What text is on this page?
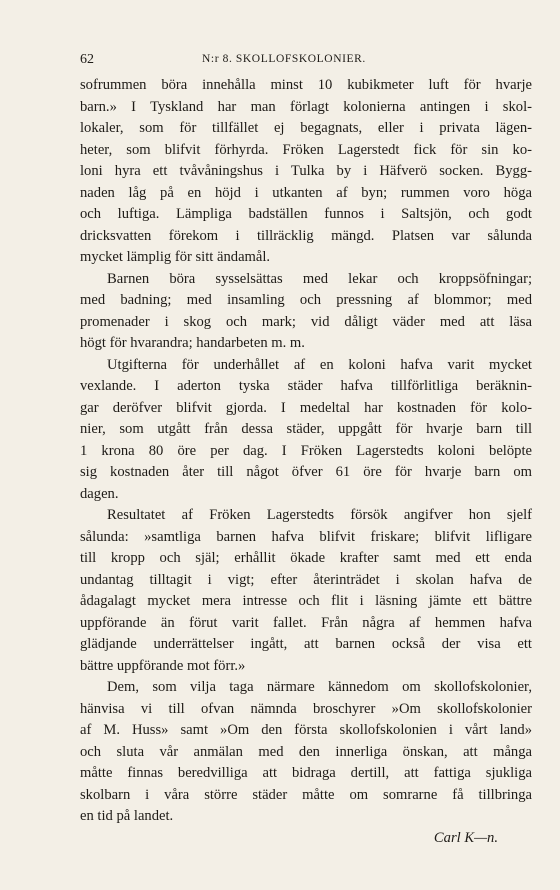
62	N:r 8. SKOLLOFSKOLONIER.
sofrummen böra innehålla minst 10 kubikmeter luft för hvarje
barn.» I Tyskland har man förlagt kolonierna antingen i skol-
lokaler, som för tillfället ej begagnats, eller i privata lägen-
heter, som blifvit förhyrda. Fröken Lagerstedt fick för sin ko-
loni hyra ett tvåvåningshus i Tulka by i Häfverö socken. Bygg-
naden låg på en höjd i utkanten af byn; rummen voro höga
och luftiga. Lämpliga badställen funnos i Saltsjön, och godt
dricksvatten förekom i tillräcklig mängd. Platsen var sålunda
mycket lämplig för sitt ändamål.
Barnen böra sysselsättas med lekar och kroppsöfningar;
med badning; med insamling och pressning af blommor; med
promenader i skog och mark; vid dåligt väder med att läsa
högt för hvarandra; handarbeten m. m.
Utgifterna för underhållet af en koloni hafva varit mycket
vexlande. I aderton tyska städer hafva tillförlitliga beräknin-
gar deröfver blifvit gjorda. I medeltal har kostnaden för kolo-
nier, som utgått från dessa städer, uppgått för hvarje barn till
1 krona 80 öre per dag. I Fröken Lagerstedts koloni belöpte
sig kostnaden åter till något öfver 61 öre för hvarje barn om
dagen.
Resultatet af Fröken Lagerstedts försök angifver hon sjelf
sålunda: »samtliga barnen hafva blifvit friskare; blifvit lifligare
till kropp och själ; erhållit ökade krafter samt med ett enda
undantag tilltagit i vigt; efter återinträdet i skolan hafva de
ådagalagt mycket mera intresse och flit i läsning jämte ett bättre
uppförande än förut varit fallet. Från några af hemmen hafva
glädjande underrättelser ingått, att barnen också der visa ett
bättre uppförande mot förr.»
Dem, som vilja taga närmare kännedom om skollofskolonier,
hänvisa vi till ofvan nämnda broschyrer »Om skollofskolonier
af M. Huss» samt »Om den första skollofskolonien i vårt land»
och sluta vår anmälan med den innerliga önskan, att många
måtte finnas beredvilliga att bidraga dertill, att fattiga sjukliga
skolbarn i våra större städer måtte om somrarne få tillbringa
en tid på landet.
Carl K—n.
